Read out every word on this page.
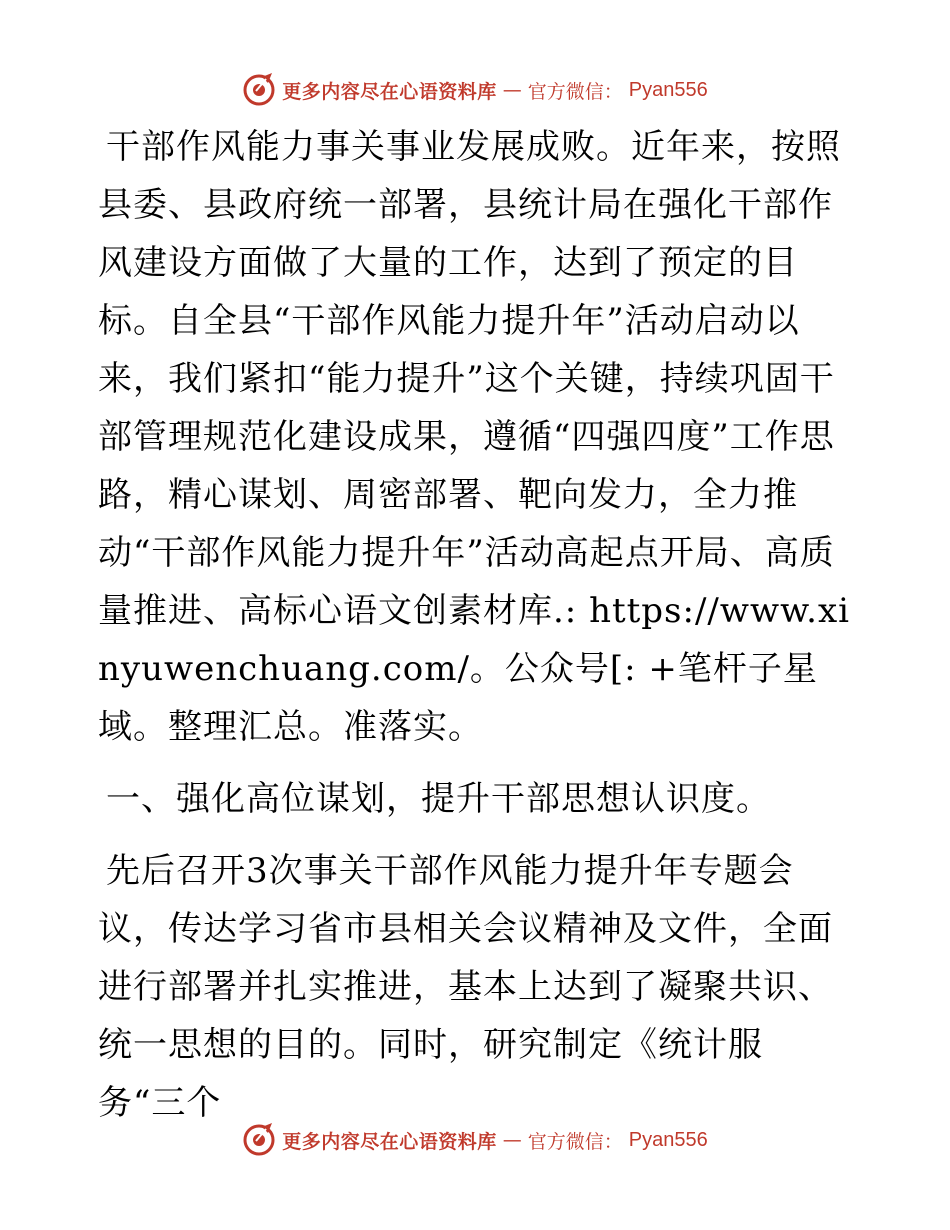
更多内容尽在心语资料库 — 官方微信： Pyan556

干部作风能力事关事业发展成败。近年来，按照县委、县政府统一部署，县统计局在强化干部作风建设方面做了大量的工作，达到了预定的目标。自全县“干部作风能力提升年”活动启动以来，我们紧扣“能力提升”这个关键，持续巩固干部管理规范化建设成果，遵循“四强四度”工作思路，精心谋划、周密部署、靶向发力，全力推动“干部作风能力提升年”活动高起点开局、高质量推进、高标心语文创素材库.: https://www.xinyuwenchuang.com/。公众号[: +笔杆子星域。整理汇总。准落实。

一、强化高位谋划，提升干部思想认识度。

先后召开3次事关干部作风能力提升年专题会议，传达学习省市县相关会议精神及文件，全面进行部署并扎实推进，基本上达到了凝聚共识、统一思想的目的。同时，研究制定《统计服务“三个

更多内容尽在心语资料库 — 官方微信： Pyan556
